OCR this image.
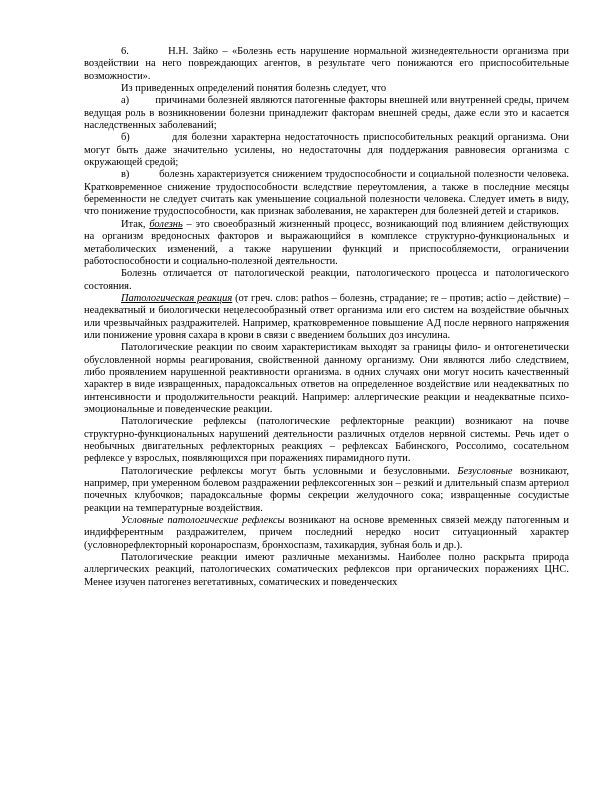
6.         Н.Н. Зайко – «Болезнь есть нарушение нормальной жизнедеятельности организма при воздействии на него повреждающих агентов, в результате чего понижаются его приспособительные возможности».

Из приведенных определений понятия болезнь следует, что

а)          причинами болезней являются патогенные факторы внешней или внутренней среды, причем ведущая роль в возникновении болезни принадлежит факторам внешней среды, даже если это и касается наследственных заболеваний;

б)          для болезни характерна недостаточность приспособительных реакций организма. Они могут быть даже значительно усилены, но недостаточны для поддержания равновесия организма с окружающей средой;

в)          болезнь характеризуется снижением трудоспособности и социальной полезности человека. Кратковременное снижение трудоспособности вследствие переутомления, а также в последние месяцы беременности не следует считать как уменьшение социальной полезности человека. Следует иметь в виду, что понижение трудоспособности, как признак заболевания, не характерен для болезней детей и стариков.

Итак, болезнь – это своеобразный жизненный процесс, возникающий под влиянием действующих на организм вредоносных факторов и выражающийся в комплексе структурно-функциональных и метаболических изменений, а также нарушении функций и приспособляемости, ограничении работоспособности и социально-полезной деятельности.

Болезнь отличается от патологической реакции, патологического процесса и патологического состояния.

Патологическая реакция (от греч. слов: pathos – болезнь, страдание; re – против; actio – действие) – неадекватный и биологически нецелесообразный ответ организма или его систем на воздействие обычных или чрезвычайных раздражителей. Например, кратковременное повышение АД после нервного напряжения или понижение уровня сахара в крови в связи с введением больших доз инсулина.

Патологические реакции по своим характеристикам выходят за границы фило- и онтогенетически обусловленной нормы реагирования, свойственной данному организму. Они являются либо следствием, либо проявлением нарушенной реактивности организма. в одних случаях они могут носить качественный характер в виде извращенных, парадоксальных ответов на определенное воздействие или неадекватных по интенсивности и продолжительности реакций. Например: аллергические реакции и неадекватные психо-эмоциональные и поведенческие реакции.

Патологические рефлексы (патологические рефлекторные реакции) возникают на почве структурно-функциональных нарушений деятельности различных отделов нервной системы. Речь идет о необычных двигательных рефлекторных реакциях – рефлексах Бабинского, Россолимо, сосательном рефлексе у взрослых, появляющихся при поражениях пирамидного пути.

Патологические рефлексы могут быть условными и безусловными. Безусловные возникают, например, при умеренном болевом раздражении рефлексогенных зон – резкий и длительный спазм артериол почечных клубочков; парадоксальные формы секреции желудочного сока; извращенные сосудистые реакции на температурные воздействия.

Условные патологические рефлексы возникают на основе временных связей между патогенным и индифферентным раздражителем, причем последний нередко носит ситуационный характер (условнорефлекторный коронароспазм, бронхоспазм, тахикардия, зубная боль и др.).

Патологические реакции имеют различные механизмы. Наиболее полно раскрыта природа аллергических реакций, патологических соматических рефлексов при органических поражениях ЦНС. Менее изучен патогенез вегетативных, соматических и поведенческих
